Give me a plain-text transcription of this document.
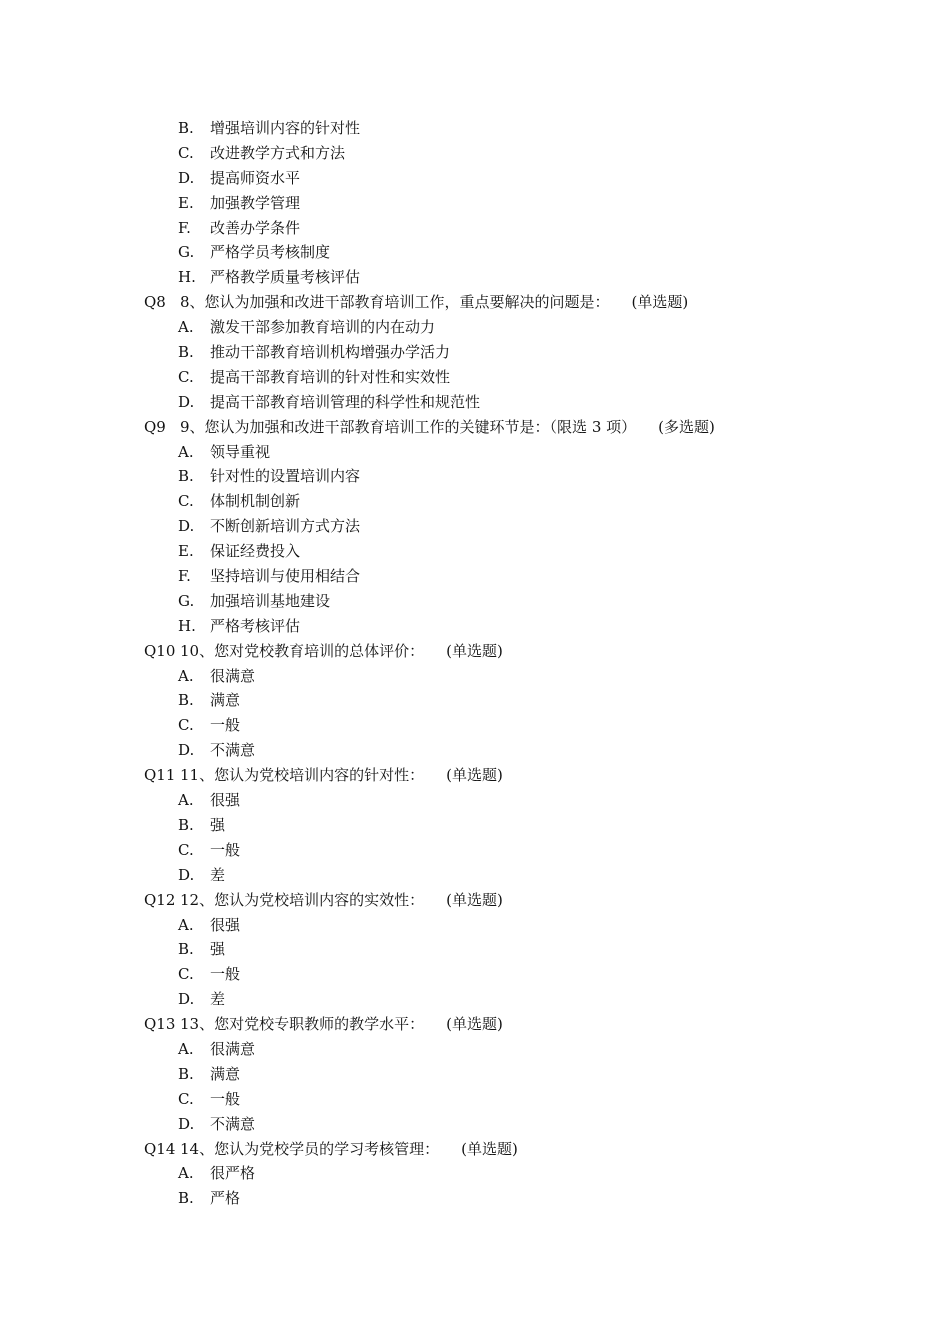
B.	增强培训内容的针对性
C.	改进教学方式和方法
D.	提高师资水平
E.	加强教学管理
F.	改善办学条件
G.	严格学员考核制度
H. 严格教学质量考核评估
Q8 8、您认为加强和改进干部教育培训工作，重点要解决的问题是： (单选题)
A.	激发干部参加教育培训的内在动力
B.	推动干部教育培训机构增强办学活力
C.	提高干部教育培训的针对性和实效性
D.	提高干部教育培训管理的科学性和规范性
Q9 9、您认为加强和改进干部教育培训工作的关键环节是：（限选 3 项） (多选题)
A.	领导重视
B.	针对性的设置培训内容
C.	体制机制创新
D.	不断创新培训方式方法
E.	保证经费投入
F.	坚持培训与使用相结合
G.	加强培训基地建设
H. 严格考核评估
Q10 10、您对党校教育培训的总体评价： (单选题)
A.	很满意
B.	满意
C.	一般
D.	不满意
Q11 11、您认为党校培训内容的针对性： (单选题)
A.	很强
B.	强
C.	一般
D.	差
Q12 12、您认为党校培训内容的实效性： (单选题)
A.	很强
B.	强
C.	一般
D.	差
Q13 13、您对党校专职教师的教学水平： (单选题)
A.	很满意
B.	满意
C.	一般
D.	不满意
Q14 14、您认为党校学员的学习考核管理： (单选题)
A.	很严格
B.	严格
